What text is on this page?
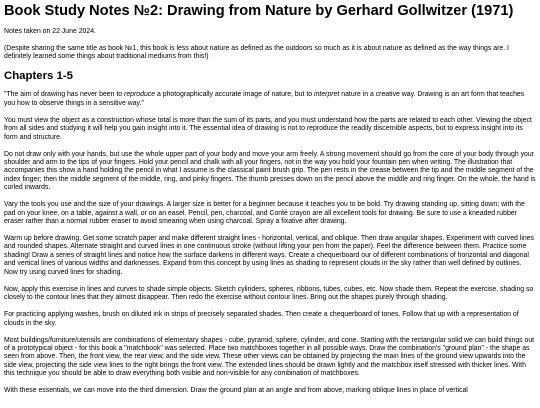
Book Study Notes №2: Drawing from Nature by Gerhard Gollwitzer (1971)

Notes taken on 22 June 2024.

(Despite sharing the same title as book №1, this book is less about nature as defined as the outdoors so much as it is about nature as defined as the way things are. I definitely learned some things about traditional mediums from this!)

Chapters 1-5

"The aim of drawing has never been to reproduce a photographically accurate image of nature, but to interpret nature in a creative way. Drawing is an art form that teaches you how to observe things in a sensitive way."

You must view the object as a construction whose total is more than the sum of its parts, and you must understand how the parts are related to each other. Viewing the object from all sides and studying it will help you gain insight into it. The essential idea of drawing is not to reproduce the readily discernible aspects, but to express insight into its form and structure.

Do not draw only with your hands, but use the whole upper part of your body and move your arm freely. A strong movement should go from the core of your body through your shoulder and arm to the tips of your fingers. Hold your pencil and chalk with all your fingers, not in the way you hold your fountain pen when writing. The illustration that accompanies this show a hand holding the pencil in what I assume is the classical paint brush grip. The pen rests in the crease between the tip and the middle segment of the index finger; then the middle segment of the middle, ring, and pinky fingers. The thumb presses down on the pencil above the middle and ring finger. On the whole, the hand is curled inwards.

Vary the tools you use and the size of your drawings. A larger size is better for a beginner because it teaches you to be bold. Try drawing standing up, sitting down; with the pad on your knee, on a table, against a wall, or on an easel. Pencil, pen, charcoal, and Conté crayon are all excellent tools for drawing. Be sure to use a kneaded rubber eraser rather than a normal rubber eraser to avoid smearing when using charcoal. Spray a fixative after drawing.

Warm up before drawing. Get some scratch paper and make different straight lines - horizontal, vertical, and oblique. Then draw angular shapes. Experiment with curved lines and rounded shapes. Alternate straight and curved lines in one continuous stroke (without lifting your pen from the paper). Feel the difference between them. Practice some shading! Draw a series of straight lines and notice how the surface darkens in different ways. Create a chequerboard our of different combinations of horizontal and diagonal and vertical lines of various widths and darknesses. Expand from this concept by using lines as shading to represent clouds in the sky rather than well defined by outlines. Now try using curved lines for shading.

Now, apply this exercise in lines and curves to shade simple objects. Sketch cylinders, spheres, ribbons, tubes, cubes, etc. Now shade them. Repeat the exercise, shading so closely to the contour lines that they almost disappear. Then redo the exercise without contour lines. Bring out the shapes purely through shading.

For practicing applying washes, brush on diluted ink in strips of precisely separated shades. Then create a chequerboard of tones. Follow that up with a representation of clouds in the sky.

Most buildings/furniture/utensils are combinations of elementary shapes - cube, pyramid, sphere, cylinder, and cone. Starting with the rectangular solid we can build things out of a prototypical object - for this book a "matchbook" was selected. Place two matchboxes together in all possible ways. Draw the combination's "ground plan" - the shape as seen from above. Then, the front view, the rear view, and the side view. These other views can be obtained by projecting the main lines of the ground view upwards into the side view, projecting the side view lines to the right brings the front view. The extended lines should be drawn lightly and the matchbox itself stressed with thicker lines. With this technique you should be able to draw everything both visible and non-visible for any combination of matchboxes.

With these essentials, we can move into the third dimension. Draw the ground plan at an angle and from above, marking oblique lines in place of vertical
